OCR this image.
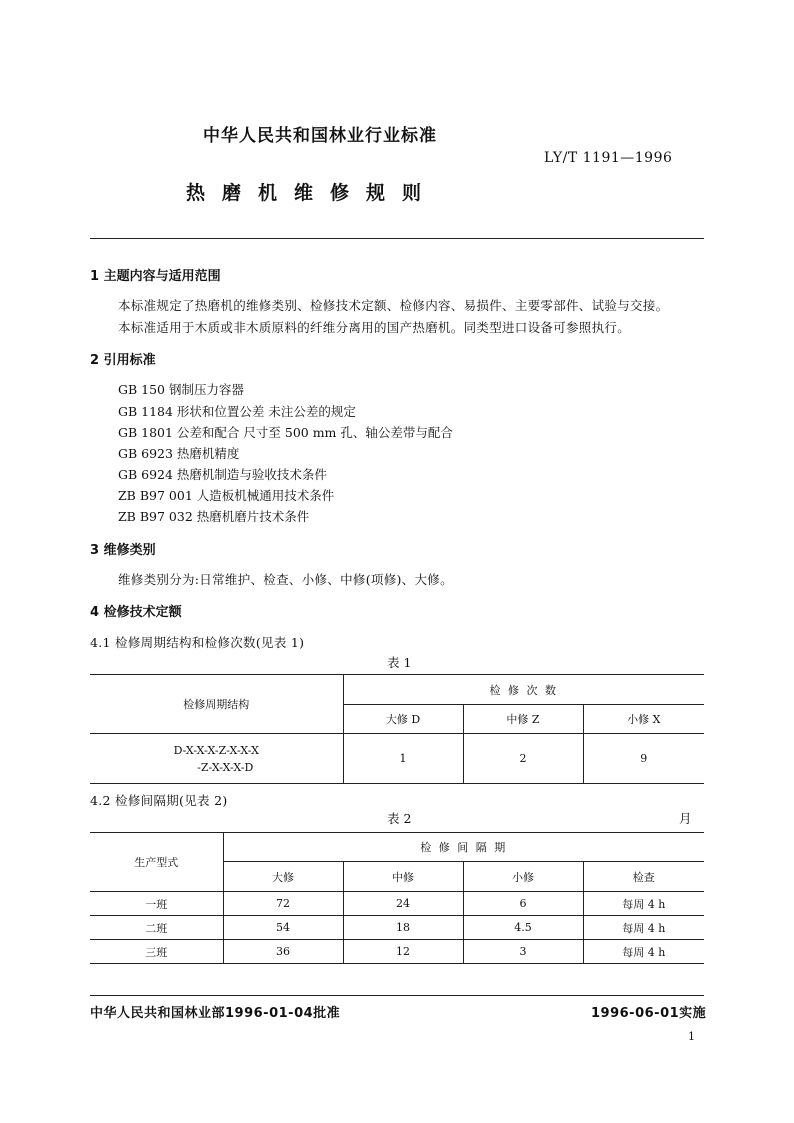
中华人民共和国林业行业标准
LY/T 1191—1996
热磨机维修规则
1 主题内容与适用范围
本标准规定了热磨机的维修类别、检修技术定额、检修内容、易损件、主要零部件、试验与交接。
本标准适用于木质或非木质原料的纤维分离用的国产热磨机。同类型进口设备可参照执行。
2 引用标准
GB 150 钢制压力容器
GB 1184 形状和位置公差 未注公差的规定
GB 1801 公差和配合 尺寸至 500 mm 孔、轴公差带与配合
GB 6923 热磨机精度
GB 6924 热磨机制造与验收技术条件
ZB B97 001 人造板机械通用技术条件
ZB B97 032 热磨机磨片技术条件
3 维修类别
维修类别分为:日常维护、检查、小修、中修(项修)、大修。
4 检修技术定额
4.1 检修周期结构和检修次数(见表 1)
表 1
检修周期结构	检 修 次 数		
	大修 D	中修 Z	小修 X

D-X-X-X-Z-X-X-X
-Z-X-X-X-D	1	2	9
4.2 检修间隔期(见表 2)
表 2	月
生产型式	检 修 间 隔 期			
	大修	中修	小修	检查
一班	72	24	6	每周 4 h
二班	54	18	4.5	每周 4 h
三班	36	12	3	每周 4 h
中华人民共和国林业部1996-01-04批准	1996-06-01实施
1
